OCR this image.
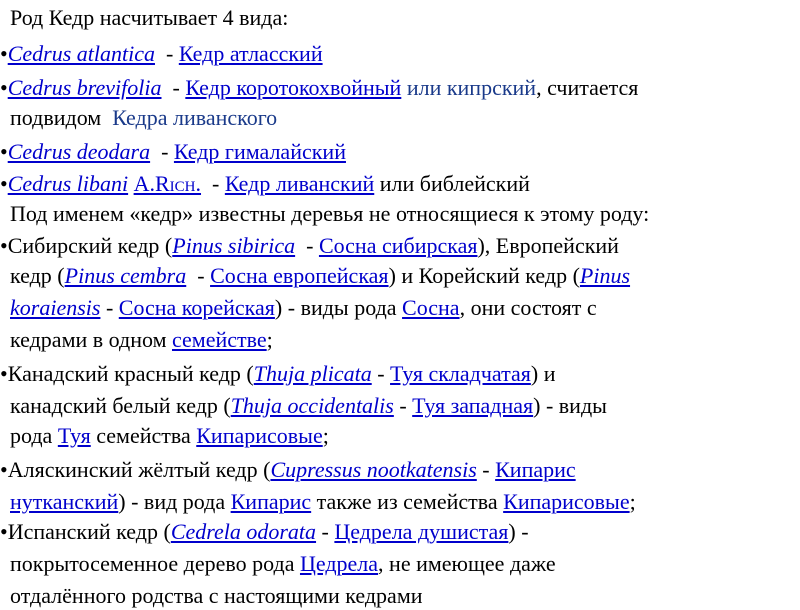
Род Кедр насчитывает 4 вида:
•Cedrus atlantica  - Кедр атласский
•Cedrus brevifolia  - Кедр коротокохвойный или кипрский, считается
подвидом  Кедра ливанского
•Cedrus deodara  - Кедр гималайский
•Cedrus libani A.Rich.  - Кедр ливанский или библейский
Под именем «кедр» известны деревья не относящиеся к этому роду:
•Сибирский кедр (Pinus sibirica  - Сосна сибирская), Европейский
кедр (Pinus cembra  - Сосна европейская) и Корейский кедр (Pinus
koraiensis - Сосна корейская) - виды рода Сосна, они состоят с
кедрами в одном семействе;
•Канадский красный кедр (Thuja plicata - Туя складчатая) и
канадский белый кедр (Thuja occidentalis - Туя западная) - виды
рода Туя семейства Кипарисовые;
•Аляскинский жёлтый кедр (Cupressus nootkatensis - Кипарис
нутканский) - вид рода Кипарис также из семейства Кипарисовые;
•Испанский кедр (Cedrela odorata - Цедрела душистая) -
покрытосеменное дерево рода Цедрела, не имеющее даже
отдалённого родства с настоящими кедрами
